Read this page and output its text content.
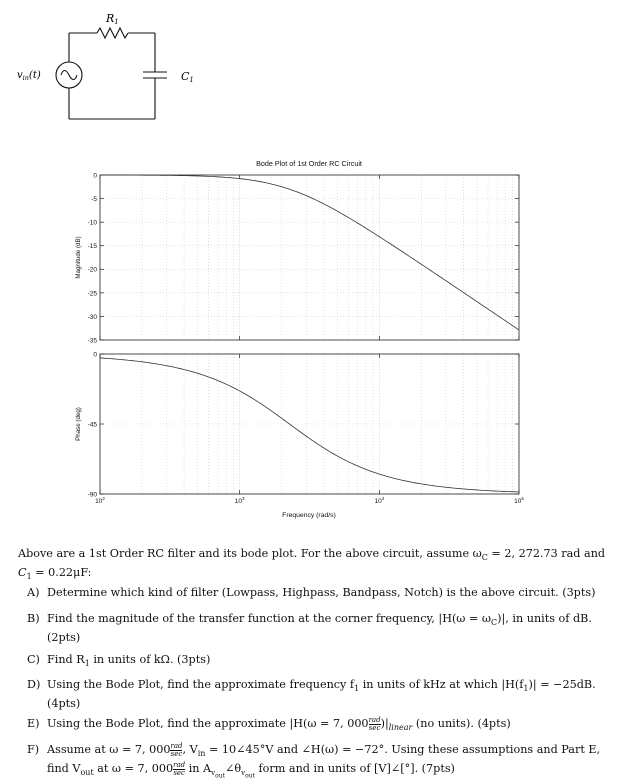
R1
C1
$v_{in}(t)$
Bode Plot of 1st Order RC Circuit
0
-5
-10
-15
-20
-25
-30
-35
Magnitude (dB)
0
-45
-90
Phase (deg)
$10^2$	$10^3$	$10^4$	$10^5$
Frequency (rad/s)
Above are a 1st Order RC filter and its bode plot. For the above circuit, assume $\omega_C = 2$, 272.73 rad and
$C_1 = 0.22\mu F$:
A) Determine which kind of filter (Lowpass, Highpass, Bandpass, Notch) is the above circuit. (3pts)
B) Find the magnitude of the transfer function at the corner frequency, $|H(\omega = \omega_C)|$, in units of dB.
(2pts)
C) Find $R_1$ in units of kΩ. (3pts)
D) Using the Bode Plot, find the approximate frequency $f_1$ in units of kHz at which $|H(f_1)| = -25dB$.
(4pts)
E) Using the Bode Plot, find the approximate |H(ω = 7, 000 rad
$\sec )|_{linear}$ (no units). (4pts)
F) Assume at ω = 7, 000 rad
sec , $V_{in}$ = 10∠45°V and ∠H(ω) = −72°. Using these assumptions and Part E,
find $V_{out}$ at ω = 7, 000 rad
sec in $A_{v_{out}}\angle\theta_{v_{out}}$ form and in units of [V]∠[°]. (7pts)
